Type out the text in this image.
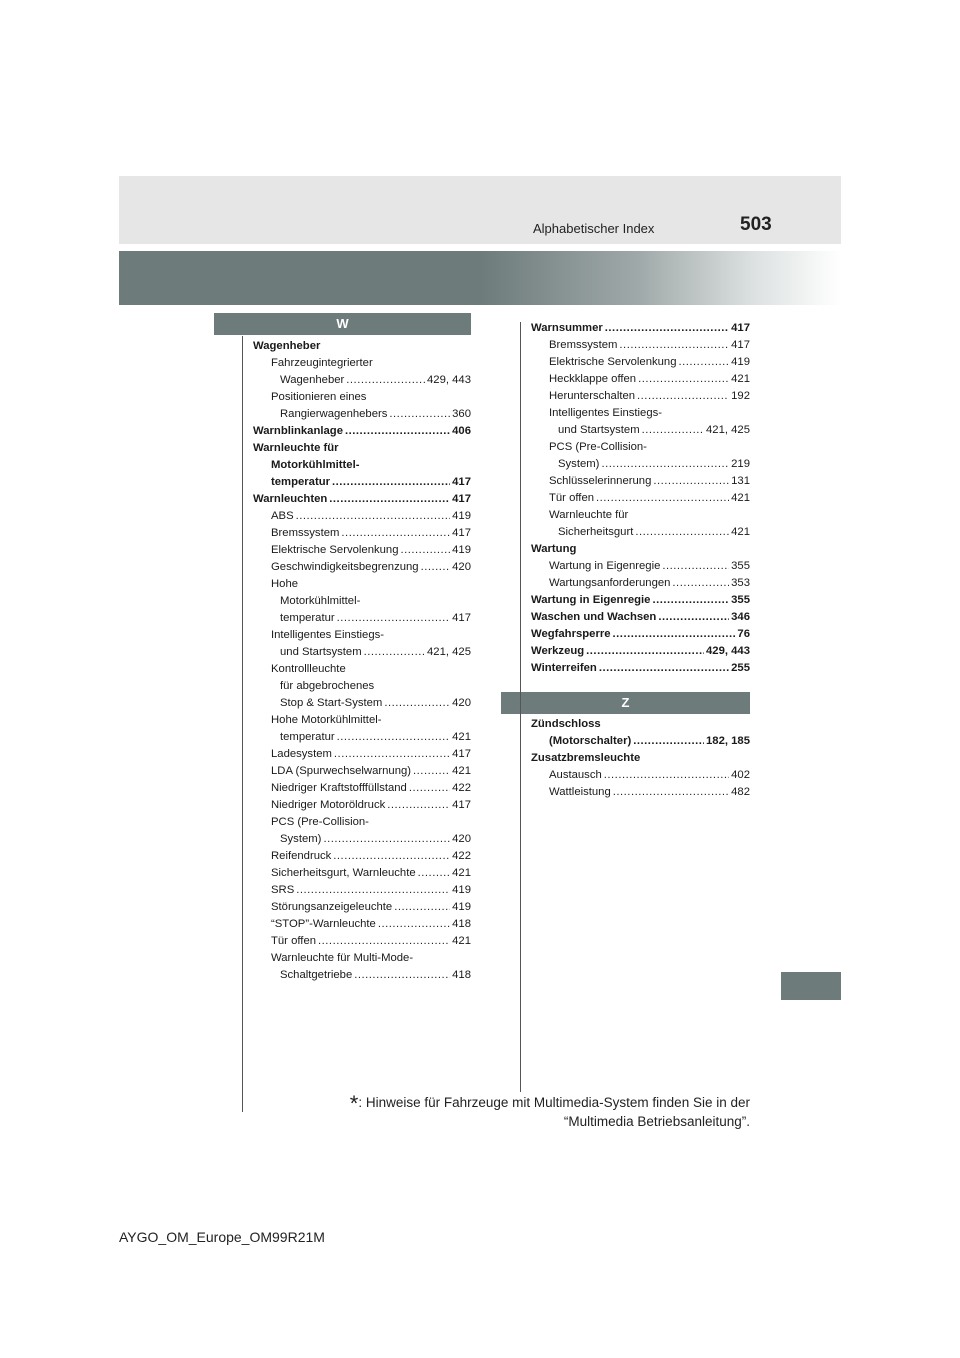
Alphabetischer Index	503
W
Z
Wagenheber
Fahrzeugintegrierter
Wagenheber .....	429, 443
Positionieren eines
Rangierwagenhebers .....	360
Warnblinkanlage .....	406
Warnleuchte für
Motorkühlmittel-
temperatur .....	417
Warnleuchten .....	417
ABS .....	419
Bremssystem .....	417
Elektrische Servolenkung .....	419
Geschwindigkeitsbegrenzung .....	420
Hohe
Motorkühlmittel-
temperatur .....	417
Intelligentes Einstiegs-
und Startsystem .....	421, 425
Kontrollleuchte
für abgebrochenes
Stop & Start-System .....	420
Hohe Motorkühlmittel-
temperatur .....	421
Ladesystem .....	417
LDA (Spurwechselwarnung) .....	421
Niedriger Kraftstofffüllstand .....	422
Niedriger Motoröldruck .....	417
PCS (Pre-Collision-
System) .....	420
Reifendruck .....	422
Sicherheitsgurt, Warnleuchte .....	421
SRS .....	419
Störungsanzeigeleuchte .....	419
“STOP”-Warnleuchte .....	418
Tür offen .....	421
Warnleuchte für Multi-Mode-
Schaltgetriebe .....	418
Warnsummer .....	417
Bremssystem .....	417
Elektrische Servolenkung .....	419
Heckklappe offen .....	421
Herunterschalten .....	192
Intelligentes Einstiegs-
und Startsystem .....	421, 425
PCS (Pre-Collision-
System) .....	219
Schlüsselerinnerung .....	131
Tür offen .....	421
Warnleuchte für
Sicherheitsgurt .....	421
Wartung
Wartung in Eigenregie .....	355
Wartungsanforderungen .....	353
Wartung in Eigenregie .....	355
Waschen und Wachsen .....	346
Wegfahrsperre .....	76
Werkzeug .....	429, 443
Winterreifen .....	255
Zündschloss
(Motorschalter) .....	182, 185
Zusatzbremsleuchte
Austausch .....	402
Wattleistung .....	482
*: Hinweise für Fahrzeuge mit Multimedia-System finden Sie in der
“Multimedia Betriebsanleitung”.
AYGO_OM_Europe_OM99R21M
